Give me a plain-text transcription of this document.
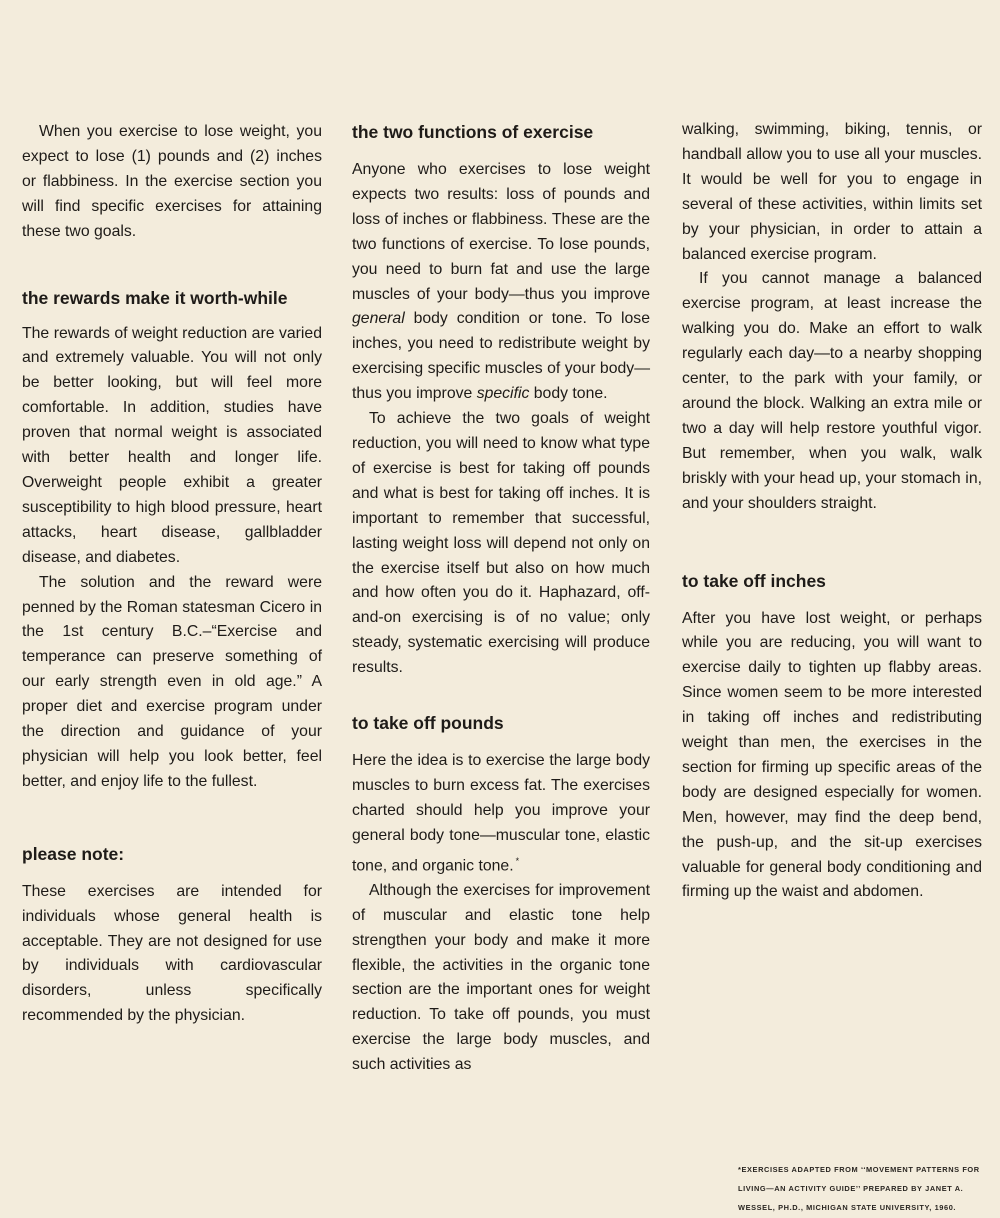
When you exercise to lose weight, you expect to lose (1) pounds and (2) inches or flabbiness. In the exercise section you will find specific exercises for attaining these two goals.

the rewards make it worth-while

The rewards of weight reduction are varied and extremely valuable. You will not only be better looking, but will feel more comfortable. In addition, studies have proven that normal weight is associated with better health and longer life. Overweight people exhibit a greater susceptibility to high blood pressure, heart attacks, heart disease, gallbladder disease, and diabetes.

The solution and the reward were penned by the Roman statesman Cicero in the 1st century B.C.–“Exercise and temperance can preserve something of our early strength even in old age.” A proper diet and exercise program under the direction and guidance of your physician will help you look better, feel better, and enjoy life to the fullest.

please note:

These exercises are intended for individuals whose general health is acceptable. They are not designed for use by individuals with cardiovascular disorders, unless specifically recommended by the physician.

the two functions of exercise

Anyone who exercises to lose weight expects two results: loss of pounds and loss of inches or flabbiness. These are the two functions of exercise. To lose pounds, you need to burn fat and use the large muscles of your body—thus you improve general body condition or tone. To lose inches, you need to redistribute weight by exercising specific muscles of your body—thus you improve specific body tone.

To achieve the two goals of weight reduction, you will need to know what type of exercise is best for taking off pounds and what is best for taking off inches. It is important to remember that successful, lasting weight loss will depend not only on the exercise itself but also on how much and how often you do it. Haphazard, off-and-on exercising is of no value; only steady, systematic exercising will produce results.

to take off pounds

Here the idea is to exercise the large body muscles to burn excess fat. The exercises charted should help you improve your general body tone—muscular tone, elastic tone, and organic tone. *

Although the exercises for improvement of muscular and elastic tone help strengthen your body and make it more flexible, the activities in the organic tone section are the important ones for weight reduction. To take off pounds, you must exercise the large body muscles, and such activities as

walking, swimming, biking, tennis, or handball allow you to use all your muscles. It would be well for you to engage in several of these activities, within limits set by your physician, in order to attain a balanced exercise program.

If you cannot manage a balanced exercise program, at least increase the walking you do. Make an effort to walk regularly each day—to a nearby shopping center, to the park with your family, or around the block. Walking an extra mile or two a day will help restore youthful vigor. But remember, when you walk, walk briskly with your head up, your stomach in, and your shoulders straight.

to take off inches

After you have lost weight, or perhaps while you are reducing, you will want to exercise daily to tighten up flabby areas. Since women seem to be more interested in taking off inches and redistributing weight than men, the exercises in the section for firming up specific areas of the body are designed especially for women. Men, however, may find the deep bend, the push-up, and the sit-up exercises valuable for general body conditioning and firming up the waist and abdomen.

*EXERCISES ADAPTED FROM ‘‘MOVEMENT PATTERNS FOR LIVING—AN ACTIVITY GUIDE’’ PREPARED BY JANET A. WESSEL, PH.D., MICHIGAN STATE UNIVERSITY, 1960.
